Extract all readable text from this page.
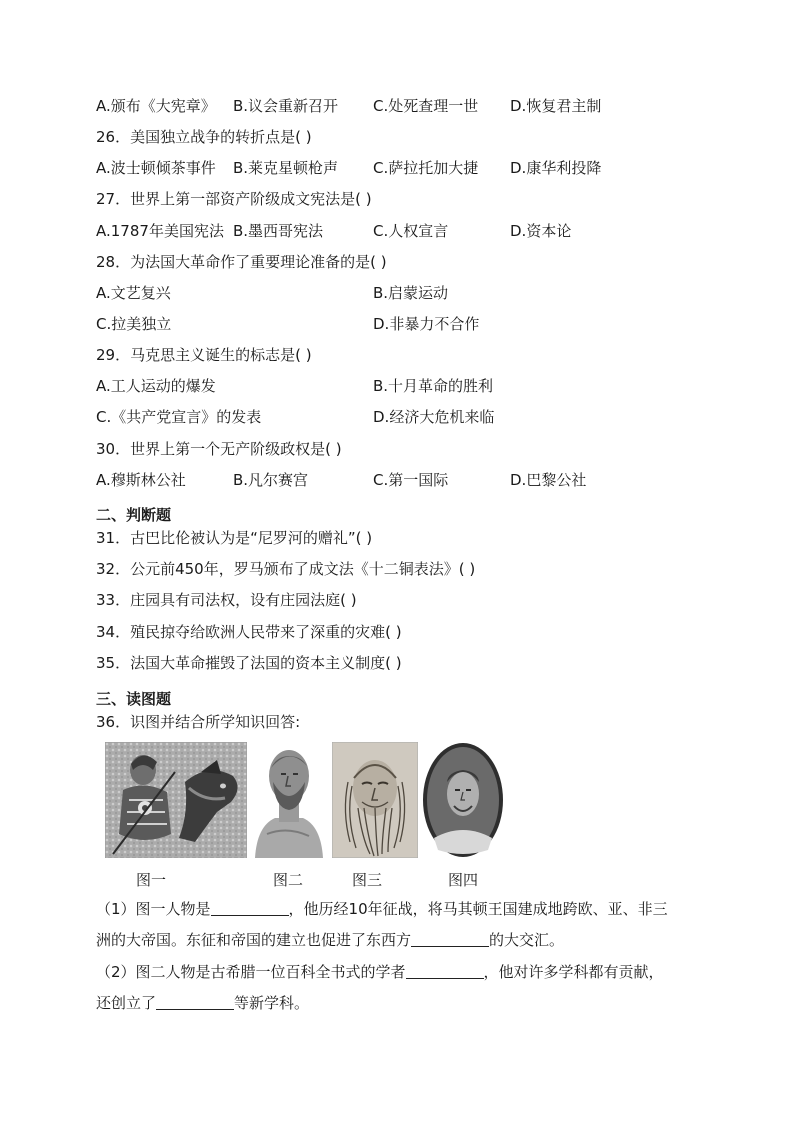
A.颁布《大宪章》 B.议会重新召开 C.处死查理一世 D.恢复君主制
26．美国独立战争的转折点是( )
A.波士顿倾茶事件 B.莱克星顿枪声 C.萨拉托加大捷 D.康华利投降
27．世界上第一部资产阶级成文宪法是( )
A.1787年美国宪法 B.墨西哥宪法	C.人权宣言	D.资本论
28．为法国大革命作了重要理论准备的是( )
A.文艺复兴	B.启蒙运动
C.拉美独立	D.非暴力不合作
29．马克思主义诞生的标志是( )
A.工人运动的爆发	B.十月革命的胜利
C.《共产党宣言》的发表	D.经济大危机来临
30．世界上第一个无产阶级政权是( )
A.穆斯林公社	B.凡尔赛宫	C.第一国际	D.巴黎公社
二、判断题
31．古巴比伦被认为是“尼罗河的赠礼”( )
32．公元前450年，罗马颁布了成文法《十二铜表法》( )
33．庄园具有司法权，设有庄园法庭( )
34．殖民掠夺给欧洲人民带来了深重的灾难( )
35．法国大革命摧毁了法国的资本主义制度( )
三、读图题
36．识图并结合所学知识回答:
图一	图二	图三	图四
（1）图一人物是	，他历经10年征战，将马其顿王国建成地跨欧、亚、非三
洲的大帝国。东征和帝国的建立也促进了东西方	的大交汇。
（2）图二人物是古希腊一位百科全书式的学者	，他对许多学科都有贡献，
还创立了	等新学科。
